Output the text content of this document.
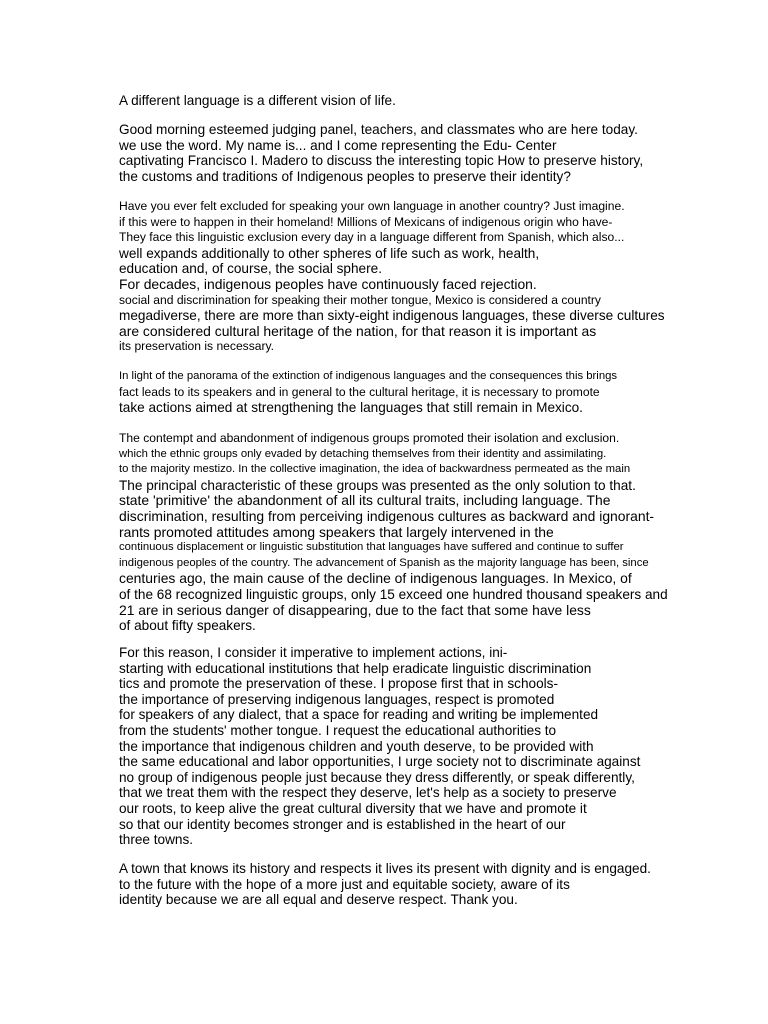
A different language is a different vision of life.

Good morning esteemed judging panel, teachers, and classmates who are here today.
we use the word. My name is... and I come representing the Edu- Center
captivating Francisco I. Madero to discuss the interesting topic How to preserve history,
the customs and traditions of Indigenous peoples to preserve their identity?

Have you ever felt excluded for speaking your own language in another country? Just imagine.
if this were to happen in their homeland! Millions of Mexicans of indigenous origin who have-
They face this linguistic exclusion every day in a language different from Spanish, which also...
well expands additionally to other spheres of life such as work, health,
education and, of course, the social sphere.
For decades, indigenous peoples have continuously faced rejection.
social and discrimination for speaking their mother tongue, Mexico is considered a country
megadiverse, there are more than sixty-eight indigenous languages, these diverse cultures
are considered cultural heritage of the nation, for that reason it is important as
its preservation is necessary.

In light of the panorama of the extinction of indigenous languages and the consequences this brings
fact leads to its speakers and in general to the cultural heritage, it is necessary to promote
take actions aimed at strengthening the languages that still remain in Mexico.

The contempt and abandonment of indigenous groups promoted their isolation and exclusion.
which the ethnic groups only evaded by detaching themselves from their identity and assimilating.
to the majority mestizo. In the collective imagination, the idea of backwardness permeated as the main
The principal characteristic of these groups was presented as the only solution to that.
state 'primitive' the abandonment of all its cultural traits, including language. The
discrimination, resulting from perceiving indigenous cultures as backward and ignorant-
rants promoted attitudes among speakers that largely intervened in the
continuous displacement or linguistic substitution that languages have suffered and continue to suffer
indigenous peoples of the country. The advancement of Spanish as the majority language has been, since
centuries ago, the main cause of the decline of indigenous languages. In Mexico, of
of the 68 recognized linguistic groups, only 15 exceed one hundred thousand speakers and
21 are in serious danger of disappearing, due to the fact that some have less
of about fifty speakers.

For this reason, I consider it imperative to implement actions, ini-
starting with educational institutions that help eradicate linguistic discrimination
tics and promote the preservation of these. I propose first that in schools-
the importance of preserving indigenous languages, respect is promoted
for speakers of any dialect, that a space for reading and writing be implemented
from the students' mother tongue. I request the educational authorities to
the importance that indigenous children and youth deserve, to be provided with
the same educational and labor opportunities, I urge society not to discriminate against
no group of indigenous people just because they dress differently, or speak differently,
that we treat them with the respect they deserve, let's help as a society to preserve
our roots, to keep alive the great cultural diversity that we have and promote it
so that our identity becomes stronger and is established in the heart of our
three towns.

A town that knows its history and respects it lives its present with dignity and is engaged.
to the future with the hope of a more just and equitable society, aware of its
identity because we are all equal and deserve respect. Thank you.
